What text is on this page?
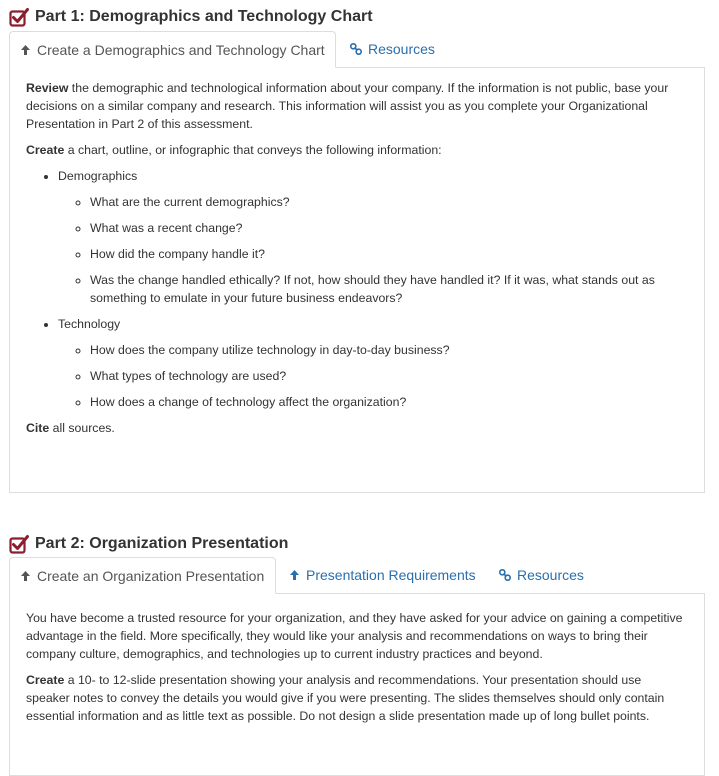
Part 1: Demographics and Technology Chart
Create a Demographics and Technology Chart	Resources

Review the demographic and technological information about your company. If the information is not public, base your decisions on a similar company and research. This information will assist you as you complete your Organizational Presentation in Part 2 of this assessment.

Create a chart, outline, or infographic that conveys the following information:

• Demographics
◦ What are the current demographics?
◦ What was a recent change?
◦ How did the company handle it?
◦ Was the change handled ethically? If not, how should they have handled it? If it was, what stands out as something to emulate in your future business endeavors?
• Technology
◦ How does the company utilize technology in day-to-day business?
◦ What types of technology are used?
◦ How does a change of technology affect the organization?

Cite all sources.

Part 2: Organization Presentation
Create an Organization Presentation	Presentation Requirements	Resources

You have become a trusted resource for your organization, and they have asked for your advice on gaining a competitive advantage in the field. More specifically, they would like your analysis and recommendations on ways to bring their company culture, demographics, and technologies up to current industry practices and beyond.

Create a 10- to 12-slide presentation showing your analysis and recommendations. Your presentation should use speaker notes to convey the details you would give if you were presenting. The slides themselves should only contain essential information and as little text as possible. Do not design a slide presentation made up of long bullet points.
